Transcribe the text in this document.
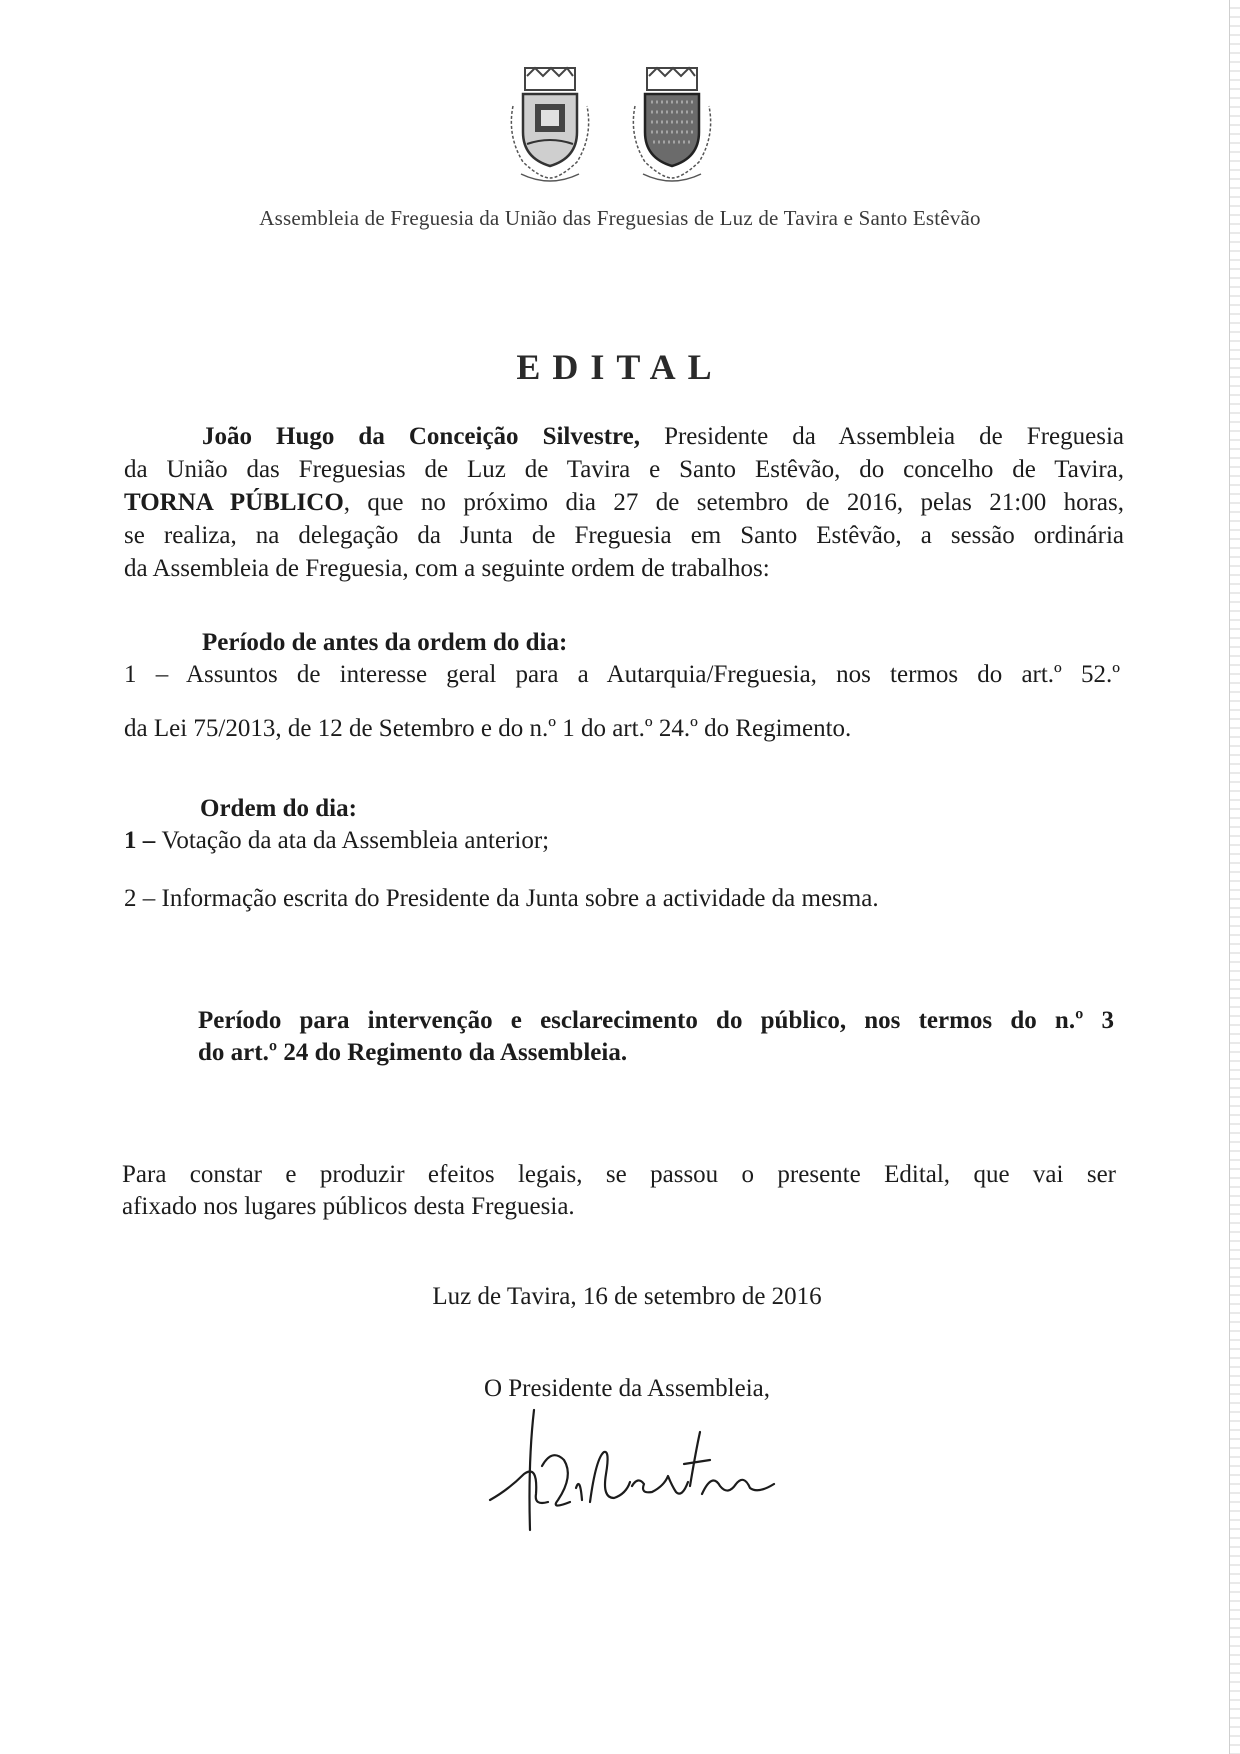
Assembleia de Freguesia da União das Freguesias de Luz de Tavira e Santo Estêvão
EDITAL
João Hugo da Conceição Silvestre, Presidente da Assembleia de Freguesia
da União das Freguesias de Luz de Tavira e Santo Estêvão, do concelho de Tavira,
TORNA PÚBLICO, que no próximo dia 27 de setembro de 2016, pelas 21:00 horas,
se realiza, na delegação da Junta de Freguesia em Santo Estêvão, a sessão ordinária
da Assembleia de Freguesia, com a seguinte ordem de trabalhos:
Período de antes da ordem do dia:
1 – Assuntos de interesse geral para a Autarquia/Freguesia, nos termos do art.º 52.º
da Lei 75/2013, de 12 de Setembro e do n.º 1 do art.º 24.º do Regimento.
Ordem do dia:
1 – Votação da ata da Assembleia anterior;
2 – Informação escrita do Presidente da Junta sobre a actividade da mesma.
Período para intervenção e esclarecimento do público, nos termos do n.º 3
do art.º 24 do Regimento da Assembleia.
Para constar e produzir efeitos legais, se passou o presente Edital, que vai ser
afixado nos lugares públicos desta Freguesia.
Luz de Tavira, 16 de setembro de 2016
O Presidente da Assembleia,
